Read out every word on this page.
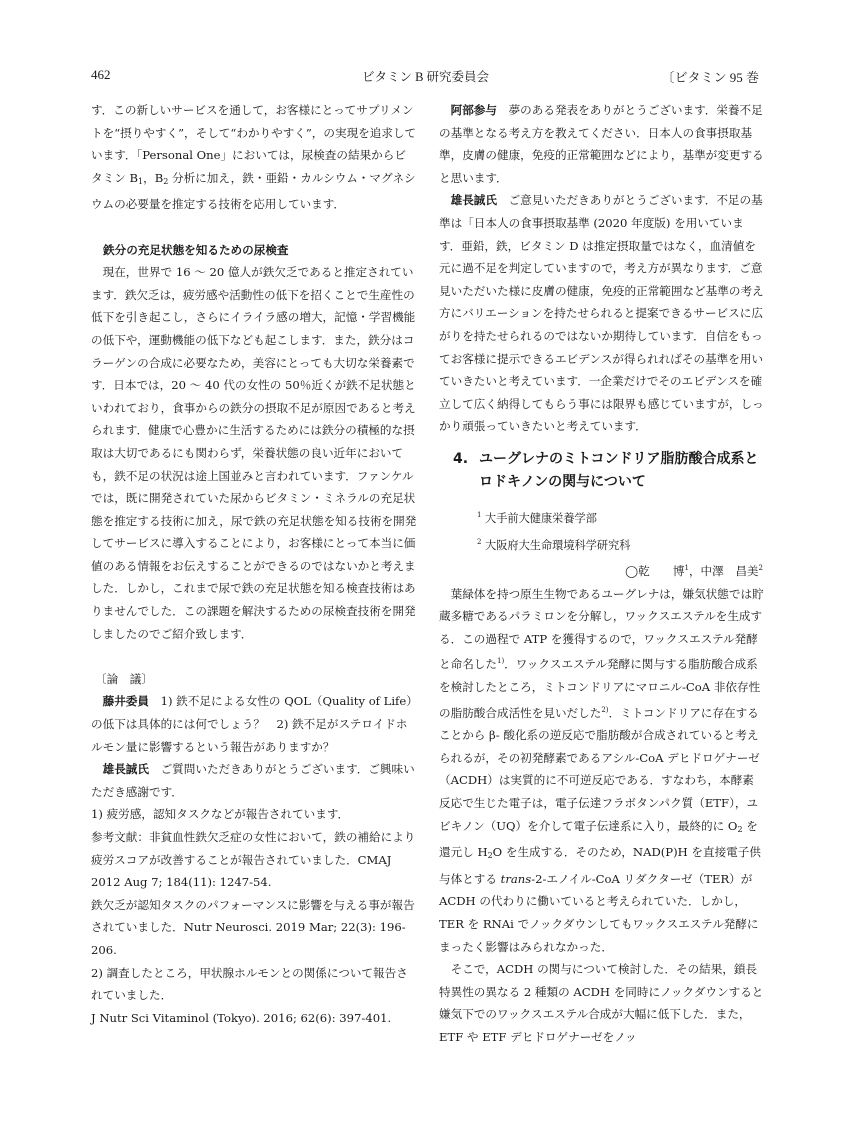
462	ビタミン B 研究委員会	〔ビタミン 95 巻

す．この新しいサービスを通して，お客様にとってサプリメントを“摂りやすく”，そして“わかりやすく”，の実現を追求しています．「Personal One」においては，尿検査の結果からビタミン $B_1$，$B_2$ 分析に加え，鉄・亜鉛・カルシウム・マグネシウムの必要量を推定する技術を応用しています．

鉄分の充足状態を知るための尿検査

現在，世界で 16 ～ 20 億人が鉄欠乏であると推定されています．鉄欠乏は，疲労感や活動性の低下を招くことで生産性の低下を引き起こし，さらにイライラ感の増大，記憶・学習機能の低下や，運動機能の低下なども起こします．また，鉄分はコラーゲンの合成に必要なため，美容にとっても大切な栄養素です．日本では，20 ～ 40 代の女性の 50％近くが鉄不足状態といわれており，食事からの鉄分の摂取不足が原因であると考えられます．健康で心豊かに生活するためには鉄分の積極的な摂取は大切であるにも関わらず，栄養状態の良い近年においても，鉄不足の状況は途上国並みと言われています．ファンケルでは，既に開発されていた尿からビタミン・ミネラルの充足状態を推定する技術に加え，尿で鉄の充足状態を知る技術を開発してサービスに導入することにより，お客様にとって本当に価値のある情報をお伝えすることができるのではないかと考えました．しかし，これまで尿で鉄の充足状態を知る検査技術はありませんでした．この課題を解決するための尿検査技術を開発しましたのでご紹介致します．

〔論　議〕

藤井委員　1) 鉄不足による女性の QOL（Quality of Life）の低下は具体的には何でしょう？　2) 鉄不足がステロイドホルモン量に影響するという報告がありますか？

雄長誠氏　ご質問いただきありがとうございます．ご興味いただき感謝です．

1) 疲労感，認知タスクなどが報告されています．

参考文献：非貧血性鉄欠乏症の女性において，鉄の補給により疲労スコアが改善することが報告されていました．CMAJ 2012 Aug 7; 184(11): 1247-54.

鉄欠乏が認知タスクのパフォーマンスに影響を与える事が報告されていました．Nutr Neurosci. 2019 Mar; 22(3): 196-206.

2) 調査したところ，甲状腺ホルモンとの関係について報告されていました．

J Nutr Sci Vitaminol (Tokyo). 2016; 62(6): 397-401.

阿部参与　夢のある発表をありがとうございます．栄養不足の基準となる考え方を教えてください．日本人の食事摂取基準，皮膚の健康，免疫的正常範囲などにより，基準が変更すると思います．

雄長誠氏　ご意見いただきありがとうございます．不足の基準は「日本人の食事摂取基準 (2020 年度版) を用いています．亜鉛，鉄，ビタミン D は推定摂取量ではなく，血清値を元に過不足を判定していますので，考え方が異なります．ご意見いただいた様に皮膚の健康，免疫的正常範囲など基準の考え方にバリエーションを持たせられると提案できるサービスに広がりを持たせられるのではないか期待しています．自信をもってお客様に提示できるエビデンスが得られればその基準を用いていきたいと考えています．一企業だけでそのエビデンスを確立して広く納得してもらう事には限界も感じていますが，しっかり頑張っていきたいと考えています．

4. ユーグレナのミトコンドリア脂肪酸合成系とロドキノンの関与について

$^1$ 大手前大健康栄養学部

$^2$ 大阪府大生命環境科学研究科

◯乾　　博$^1$，中澤　昌美$^2$

葉緑体を持つ原生生物であるユーグレナは，嫌気状態では貯蔵多糖であるパラミロンを分解し，ワックスエステルを生成する．この過程で ATP を獲得するので，ワックスエステル発酵と命名した$^{1)}$．ワックスエステル発酵に関与する脂肪酸合成系を検討したところ，ミトコンドリアにマロニル-CoA 非依存性の脂肪酸合成活性を見いだした$^{2)}$．ミトコンドリアに存在することから β- 酸化系の逆反応で脂肪酸が合成されていると考えられるが，その初発酵素であるアシル-CoA デヒドロゲナーゼ（ACDH）は実質的に不可逆反応である．すなわち，本酵素反応で生じた電子は，電子伝達フラボタンパク質（ETF），ユビキノン（UQ）を介して電子伝達系に入り，最終的に $O_2$ を還元し $H_2O$ を生成する．そのため，NAD(P)H を直接電子供与体とする trans-2-エノイル-CoA リダクターゼ（TER）が ACDH の代わりに働いていると考えられていた．しかし，TER を RNAi でノックダウンしてもワックスエステル発酵にまったく影響はみられなかった．

そこで，ACDH の関与について検討した．その結果，鎖長特異性の異なる 2 種類の ACDH を同時にノックダウンすると嫌気下でのワックスエステル合成が大幅に低下した．また，ETF や ETF デヒドロゲナーゼをノッ
